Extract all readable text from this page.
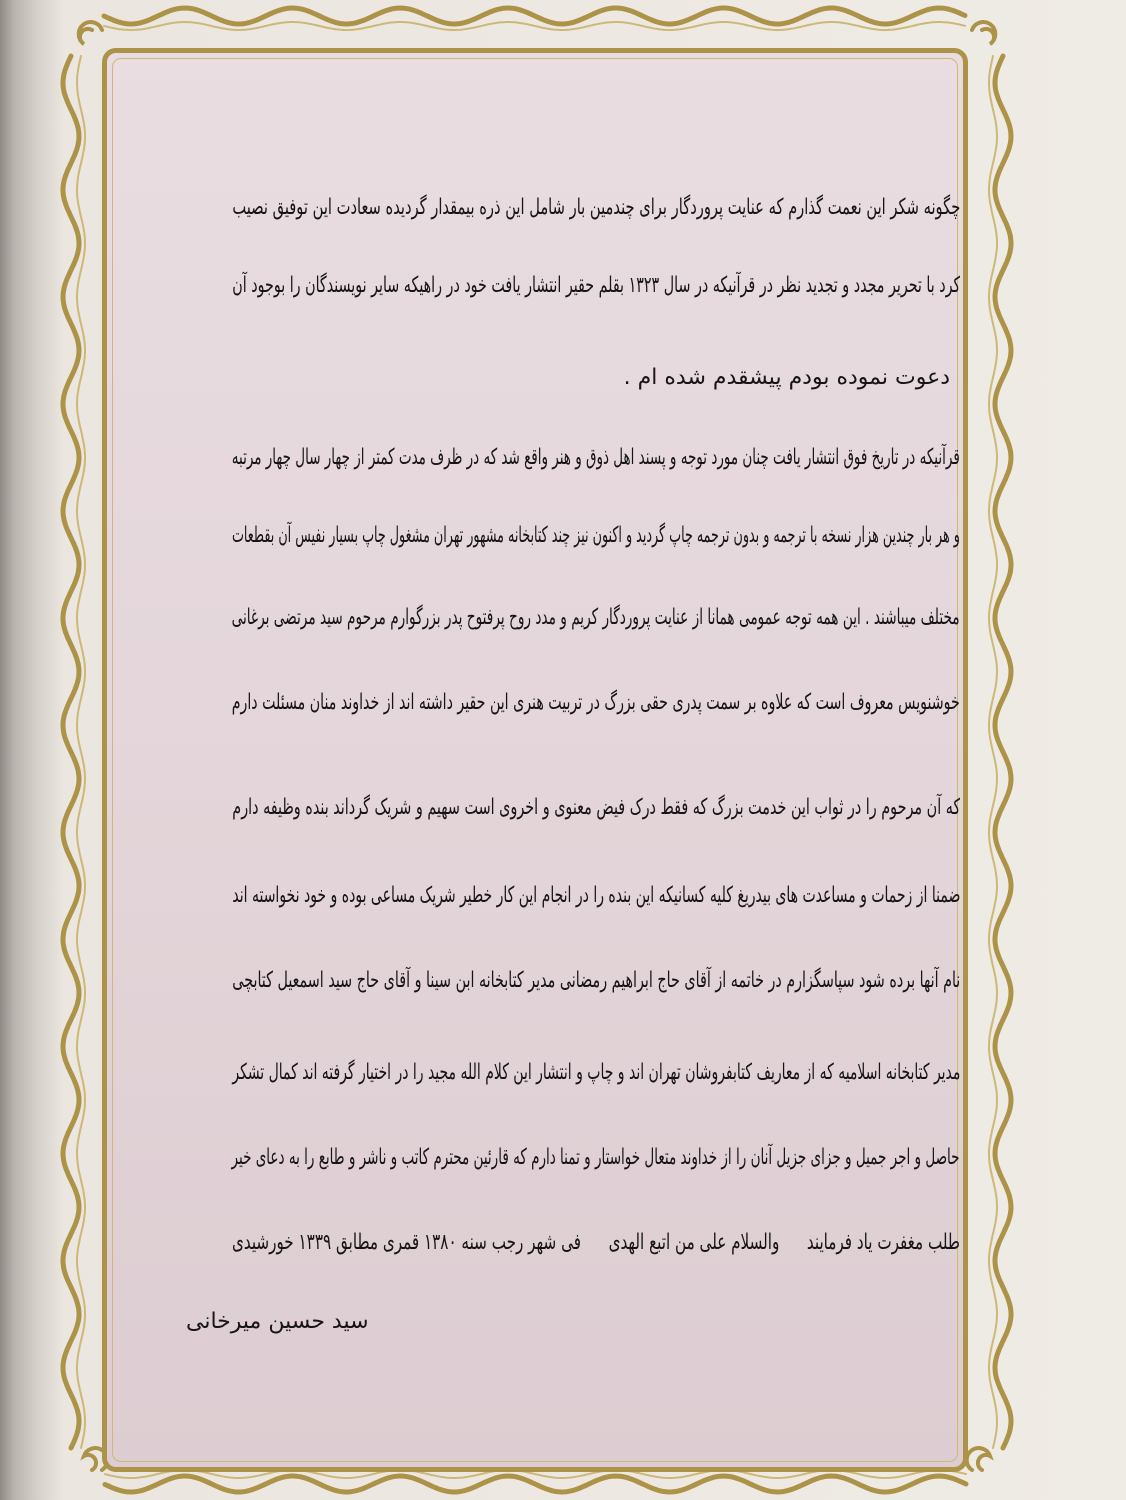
چگونه شکر این نعمت گذارم که عنایت پروردگار برای چندمین بار شامل این ذره بیمقدار گردیده سعادت این توفیق نصیب
کرد با تحریر مجدد و تجدید نظر در قرآنیکه در سال ۱۳۲۳ بقلم حقیر انتشار یافت خود در راهیکه سایر نویسندگان را بوجود آن
دعوت نموده بودم پیشقدم شده ام .
قرآنیکه در تاریخ فوق انتشار یافت چنان مورد توجه و پسند اهل ذوق و هنر واقع شد که در ظرف مدت کمتر از چهار سال چهار مرتبه
و هر بار چندین هزار نسخه با ترجمه و بدون ترجمه چاپ گردید و اکنون نیز چند کتابخانه مشهور تهران مشغول چاپ بسیار نفیس آن بقطعات
مختلف میباشند . این همه توجه عمومی همانا از عنایت پروردگار کریم و مدد روح پرفتوح پدر بزرگوارم مرحوم سید مرتضی برغانی
خوشنویس معروف است که علاوه بر سمت پدری حقی بزرگ در تربیت هنری این حقیر داشته اند از خداوند منان مسئلت دارم
که آن مرحوم را در ثواب این خدمت بزرگ که فقط درک فیض معنوی و اخروی است سهیم و شریک گرداند بنده وظیفه دارم
ضمنا از زحمات و مساعدت های بیدریغ کلیه کسانیکه این بنده را در انجام این کار خطیر شریک مساعی بوده و خود نخواسته اند
نام آنها برده شود سپاسگزارم در خاتمه از آقای حاج ابراهیم رمضانی مدیر کتابخانه ابن سینا و آقای حاج سید اسمعیل کتابچی
مدیر کتابخانه اسلامیه که از معاریف کتابفروشان تهران اند و چاپ و انتشار این کلام الله مجید را در اختیار گرفته اند کمال تشکر
حاصل و اجر جمیل و جزای جزیل آنان را از خداوند متعال خواستار و تمنا دارم که قارئین محترم کاتب و ناشر و طابع را به دعای خیر
طلب مغفرت یاد فرمایند
والسلام علی من اتبع الهدی
فی شهر رجب سنه ۱۳۸۰ قمری مطابق ۱۳۳۹ خورشیدی
سید حسین میرخانی
